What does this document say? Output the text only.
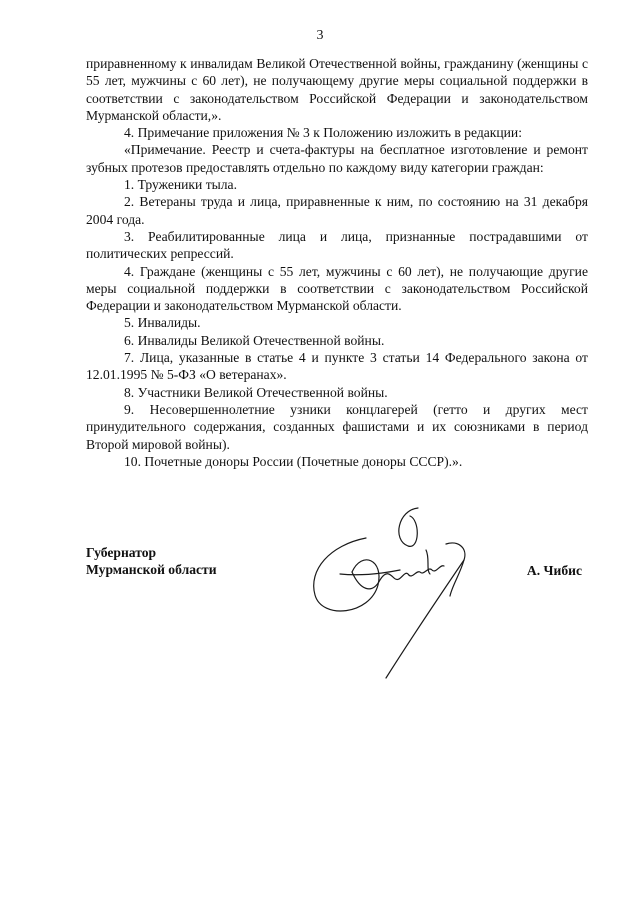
3

приравненному к инвалидам Великой Отечественной войны, гражданину (женщины с 55 лет, мужчины с 60 лет), не получающему другие меры социальной поддержки в соответствии с законодательством Российской Федерации и законодательством Мурманской области,».

4. Примечание приложения № 3 к Положению изложить в редакции:

«Примечание. Реестр и счета-фактуры на бесплатное изготовление и ремонт зубных протезов предоставлять отдельно по каждому виду категории граждан:

1. Труженики тыла.

2. Ветераны труда и лица, приравненные к ним, по состоянию на 31 декабря 2004 года.

3. Реабилитированные лица и лица, признанные пострадавшими от политических репрессий.

4. Граждане (женщины с 55 лет, мужчины с 60 лет), не получающие другие меры социальной поддержки в соответствии с законодательством Российской Федерации и законодательством Мурманской области.

5. Инвалиды.

6. Инвалиды Великой Отечественной войны.

7. Лица, указанные в статье 4 и пункте 3 статьи 14 Федерального закона от 12.01.1995 № 5-ФЗ «О ветеранах».

8. Участники Великой Отечественной войны.

9. Несовершеннолетние узники концлагерей (гетто и других мест принудительного содержания, созданных фашистами и их союзниками в период Второй мировой войны).

10. Почетные доноры России (Почетные доноры СССР).».

Губернатор
Мурманской области	А. Чибис
